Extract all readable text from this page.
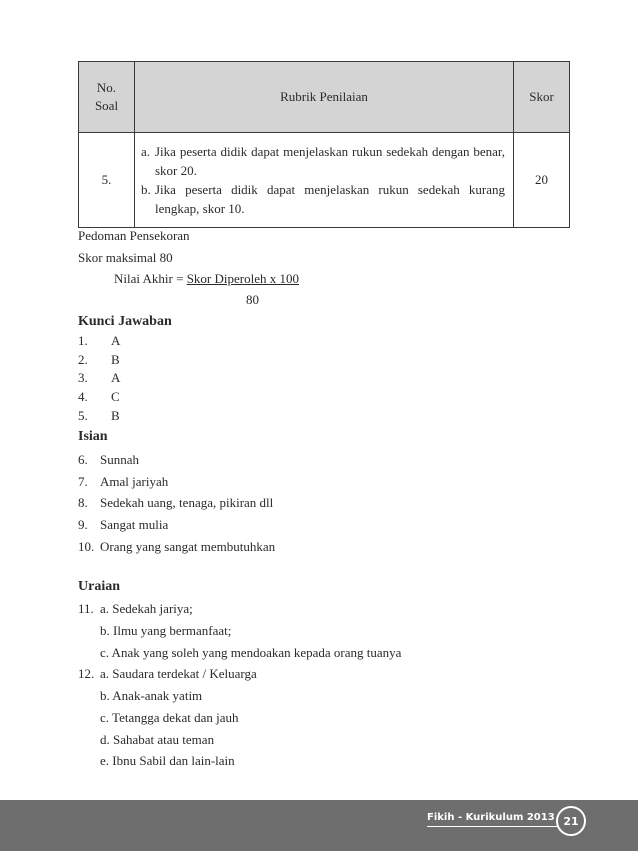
No.
Soal	Rubrik Penilaian	Skor
5.	a. Jika peserta didik dapat menjelaskan rukun sedekah dengan benar, skor 20.
b. Jika peserta didik dapat menjelaskan rukun sedekah kurang lengkap, skor 10.	20
Pedoman Pensekoran
Skor maksimal 80
Nilai Akhir = Skor Diperoleh x 100
80
Kunci Jawaban
1. A
2. B
3. A
4. C
5. B
Isian
6. Sunnah
7. Amal jariyah
8. Sedekah uang, tenaga, pikiran dll
9. Sangat mulia
10. Orang yang sangat membutuhkan
Uraian
11. a. Sedekah jariya;
b. Ilmu yang bermanfaat;
c. Anak yang soleh yang mendoakan kepada orang tuanya
12. a. Saudara terdekat / Keluarga
b. Anak-anak yatim
c. Tetangga dekat dan jauh
d. Sahabat atau teman
e. Ibnu Sabil dan lain-lain
Fikih - Kurikulum 2013 21
